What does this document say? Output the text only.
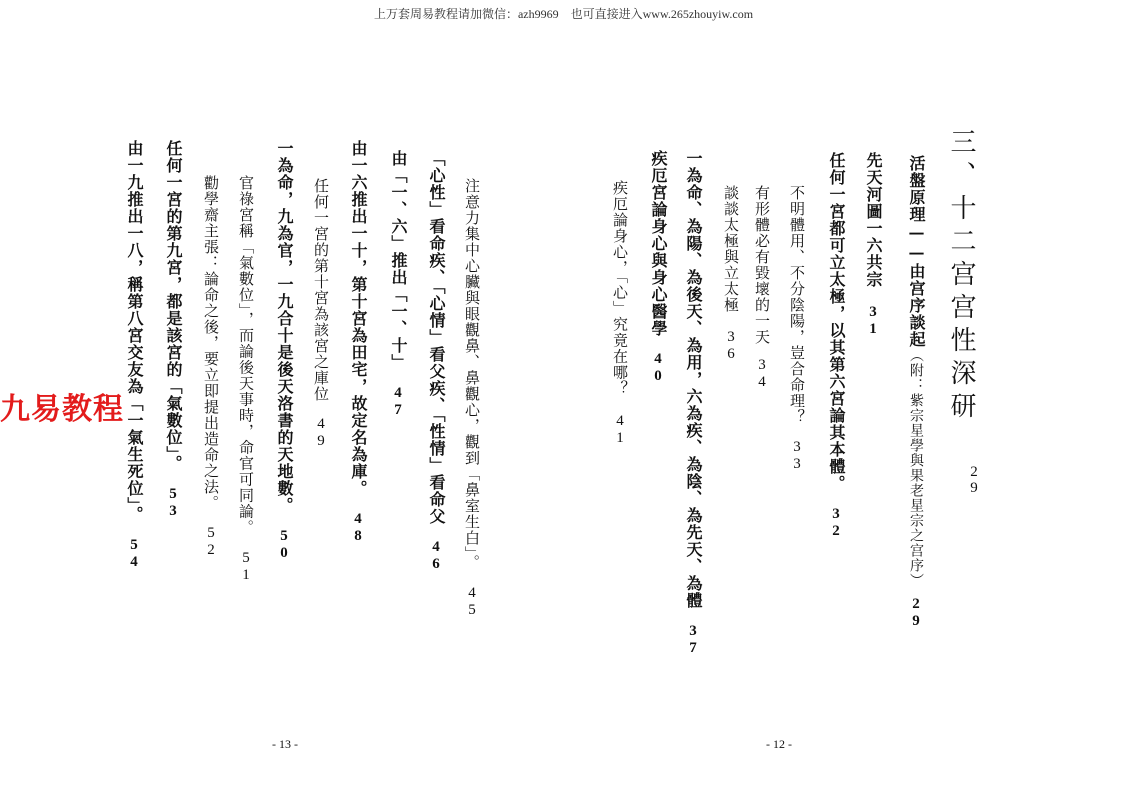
上万套周易教程请加微信：azh9969　也可直接进入www.265zhouyiw.com
三、十二宫宫性深研
29
活盤原理——由宫序談起（附：紫宗星學與果老星宗之宫序）29
先天河圖一六共宗31
任何一宮都可立太極，以其第六宮論其本體。32
不明體用、不分陰陽，豈合命理？33
有形體必有毀壞的一天34
談談太極與立太極36
一為命、為陽、為後天、為用，六為疾、為陰、為先天、為體37
疾厄宮論身心與身心醫學40
疾厄論身心，「心」究竟在哪？41
- 12 -
注意力集中心臟與眼觀鼻、鼻觀心，觀到「鼻室生白」。45
「心性」看命疾、「心情」看父疾、「性情」看命父46
由「一、六」推出「一、十」47
由一六推出一十，第十宮為田宅，故定名為庫。48
任何一宮的第十宮為該宮之庫位49
一為命，九為官，一九合十是後天洛書的天地數。50
官祿宮稱「氣數位」，而論後天事時，命官可同論。51
勸學齋主張：論命之後，要立即提出造命之法。52
任何一宮的第九宮，都是該宮的「氣數位」。53
由一九推出一八，稱第八宮交友為「一氣生死位」。54
- 13 -
九易教程
